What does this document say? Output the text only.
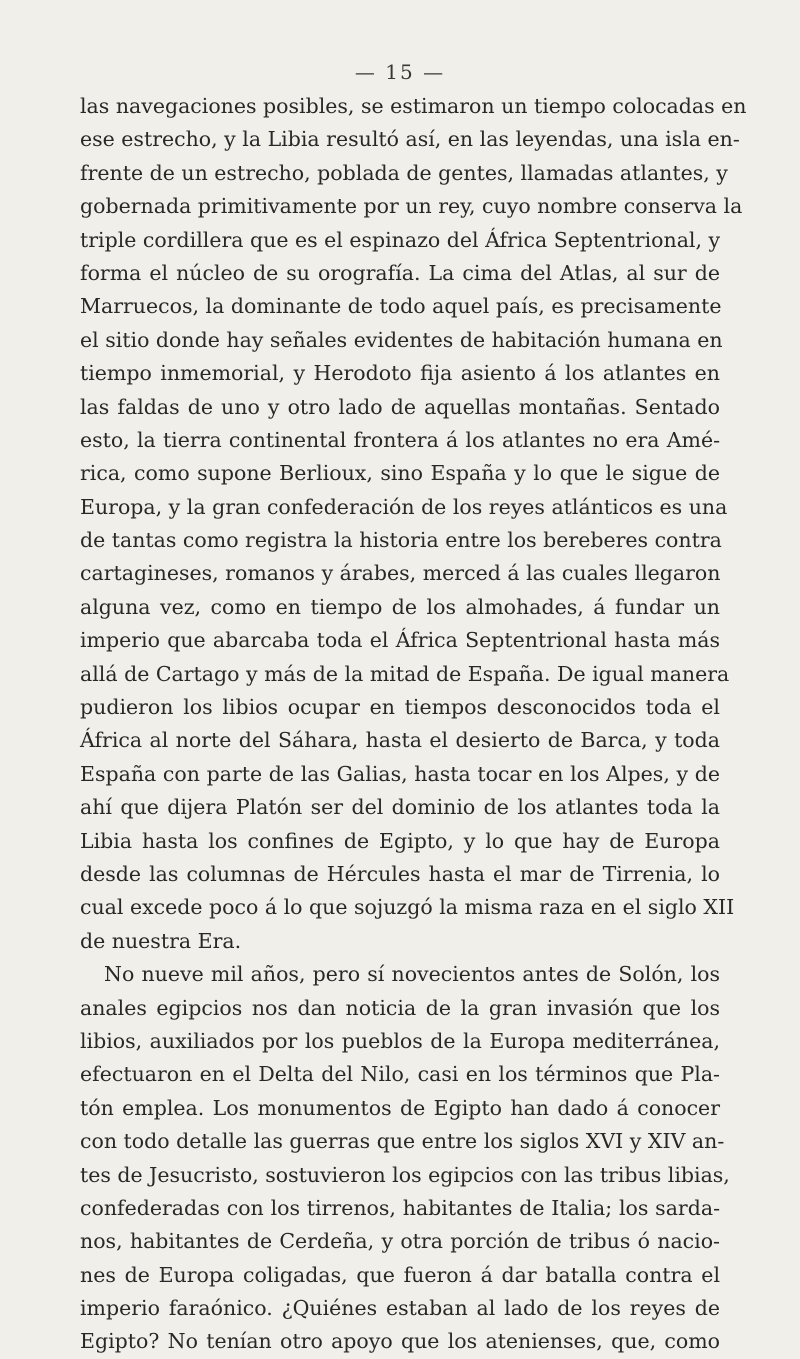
— 15 —
las navegaciones posibles, se estimaron un tiempo colocadas en
ese estrecho, y la Libia resultó así, en las leyendas, una isla en-
frente de un estrecho, poblada de gentes, llamadas atlantes, y
gobernada primitivamente por un rey, cuyo nombre conserva la
triple cordillera que es el espinazo del África Septentrional, y
forma el núcleo de su orografía. La cima del Atlas, al sur de
Marruecos, la dominante de todo aquel país, es precisamente
el sitio donde hay señales evidentes de habitación humana en
tiempo inmemorial, y Herodoto fija asiento á los atlantes en
las faldas de uno y otro lado de aquellas montañas. Sentado
esto, la tierra continental frontera á los atlantes no era Amé-
rica, como supone Berlioux, sino España y lo que le sigue de
Europa, y la gran confederación de los reyes atlánticos es una
de tantas como registra la historia entre los bereberes contra
cartagineses, romanos y árabes, merced á las cuales llegaron
alguna vez, como en tiempo de los almohades, á fundar un
imperio que abarcaba toda el África Septentrional hasta más
allá de Cartago y más de la mitad de España. De igual manera
pudieron los libios ocupar en tiempos desconocidos toda el
África al norte del Sáhara, hasta el desierto de Barca, y toda
España con parte de las Galias, hasta tocar en los Alpes, y de
ahí que dijera Platón ser del dominio de los atlantes toda la
Libia hasta los confines de Egipto, y lo que hay de Europa
desde las columnas de Hércules hasta el mar de Tirrenia, lo
cual excede poco á lo que sojuzgó la misma raza en el siglo XII
de nuestra Era.
No nueve mil años, pero sí novecientos antes de Solón, los
anales egipcios nos dan noticia de la gran invasión que los
libios, auxiliados por los pueblos de la Europa mediterránea,
efectuaron en el Delta del Nilo, casi en los términos que Pla-
tón emplea. Los monumentos de Egipto han dado á conocer
con todo detalle las guerras que entre los siglos XVI y XIV an-
tes de Jesucristo, sostuvieron los egipcios con las tribus libias,
confederadas con los tirrenos, habitantes de Italia; los sarda-
nos, habitantes de Cerdeña, y otra porción de tribus ó nacio-
nes de Europa coligadas, que fueron á dar batalla contra el
imperio faraónico. ¿Quiénes estaban al lado de los reyes de
Egipto? No tenían otro apoyo que los atenienses, que, como
